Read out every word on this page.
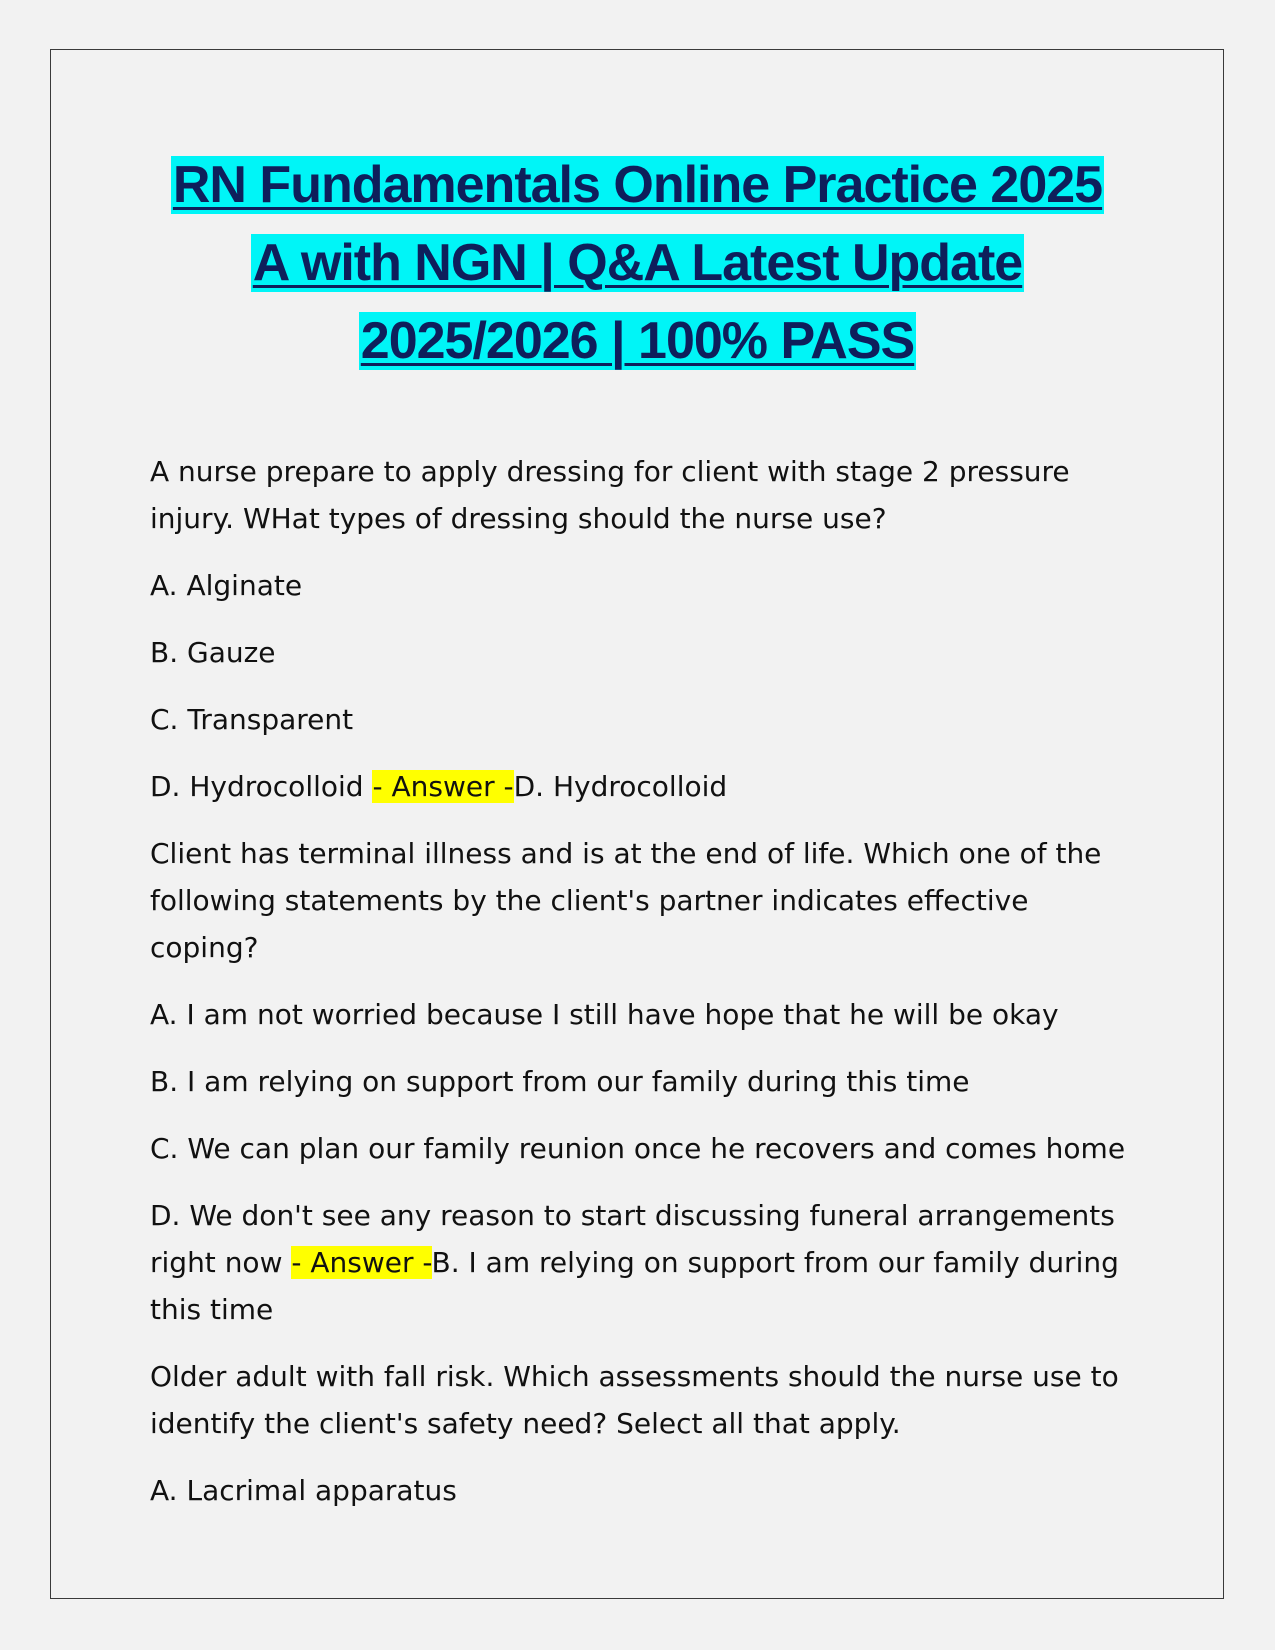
RN Fundamentals Online Practice 2025 A with NGN | Q&A Latest Update 2025/2026 | 100% PASS

A nurse prepare to apply dressing for client with stage 2 pressure injury. WHat types of dressing should the nurse use?

A. Alginate

B. Gauze

C. Transparent

D. Hydrocolloid - Answer -D. Hydrocolloid

Client has terminal illness and is at the end of life. Which one of the following statements by the client's partner indicates effective coping?

A. I am not worried because I still have hope that he will be okay

B. I am relying on support from our family during this time

C. We can plan our family reunion once he recovers and comes home

D. We don't see any reason to start discussing funeral arrangements right now - Answer -B. I am relying on support from our family during this time

Older adult with fall risk. Which assessments should the nurse use to identify the client's safety need? Select all that apply.

A. Lacrimal apparatus
